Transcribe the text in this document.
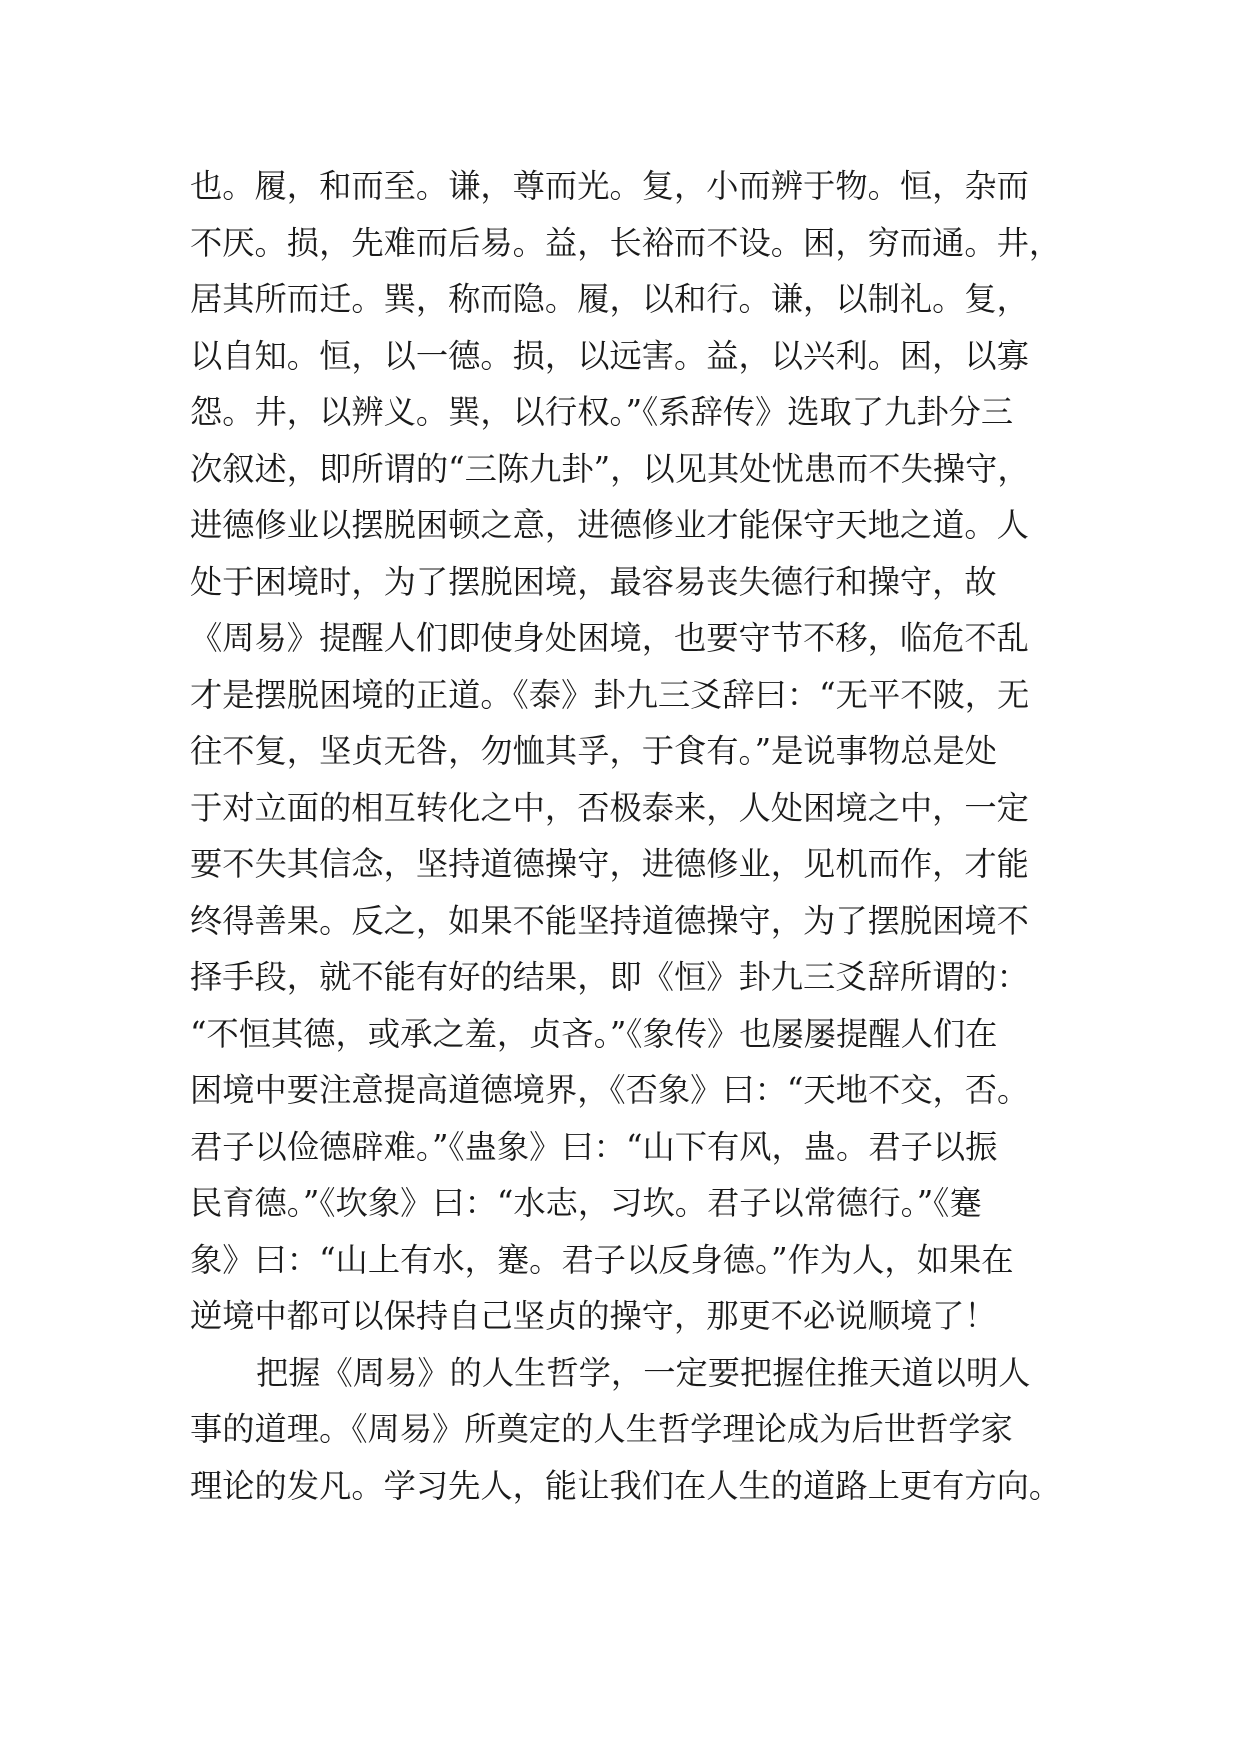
也。履，和而至。谦，尊而光。复，小而辨于物。恒，杂而
不厌。损，先难而后易。益，长裕而不设。困，穷而通。井，
居其所而迁。巽，称而隐。履，以和行。谦，以制礼。复，
以自知。恒，以一德。损，以远害。益，以兴利。困，以寡
怨。井，以辨义。巽，以行权。”《系辞传》选取了九卦分三
次叙述，即所谓的“三陈九卦”，以见其处忧患而不失操守，
进德修业以摆脱困顿之意，进德修业才能保守天地之道。人
处于困境时，为了摆脱困境，最容易丧失德行和操守，故
《周易》提醒人们即使身处困境，也要守节不移，临危不乱
才是摆脱困境的正道。《泰》卦九三爻辞曰：“无平不陂，无
往不复，坚贞无咎，勿恤其孚，于食有。”是说事物总是处
于对立面的相互转化之中，否极泰来，人处困境之中，一定
要不失其信念，坚持道德操守，进德修业，见机而作，才能
终得善果。反之，如果不能坚持道德操守，为了摆脱困境不
择手段，就不能有好的结果，即《恒》卦九三爻辞所谓的：
“不恒其德，或承之羞，贞吝。”《象传》也屡屡提醒人们在
困境中要注意提高道德境界，《否象》曰：“天地不交，否。
君子以俭德辟难。”《蛊象》曰：“山下有风，蛊。君子以振
民育德。”《坎象》曰：“水志，习坎。君子以常德行。”《蹇
象》曰：“山上有水，蹇。君子以反身德。”作为人，如果在
逆境中都可以保持自己坚贞的操守，那更不必说顺境了！
把握《周易》的人生哲学，一定要把握住推天道以明人
事的道理。《周易》所奠定的人生哲学理论成为后世哲学家
理论的发凡。学习先人，能让我们在人生的道路上更有方向。
